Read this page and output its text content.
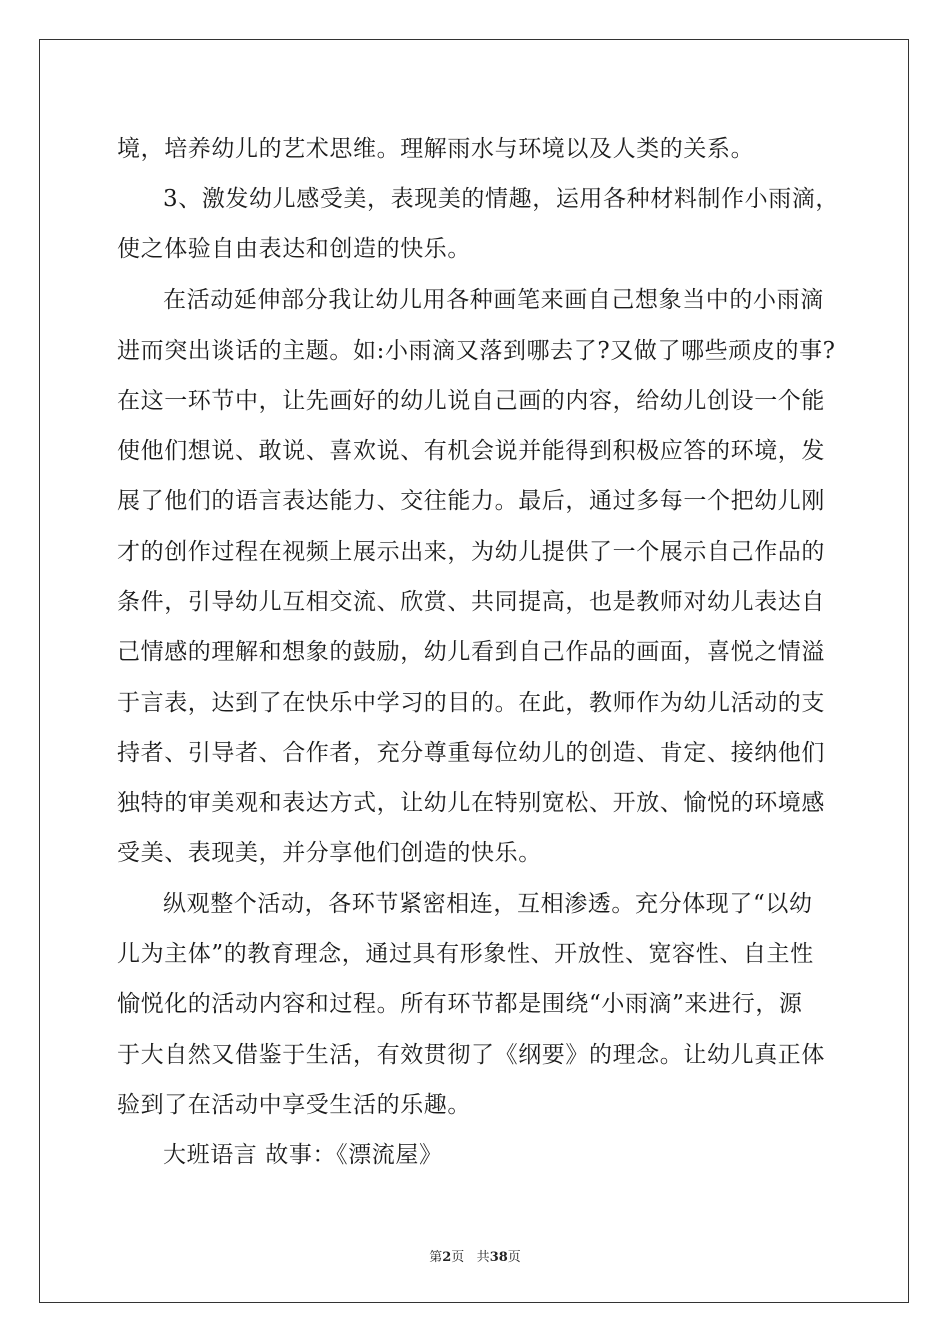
境，培养幼儿的艺术思维。理解雨水与环境以及人类的关系。
3、激发幼儿感受美，表现美的情趣，运用各种材料制作小雨滴，
使之体验自由表达和创造的快乐。
在活动延伸部分我让幼儿用各种画笔来画自己想象当中的小雨滴
进而突出谈话的主题。如:小雨滴又落到哪去了?又做了哪些顽皮的事?
在这一环节中，让先画好的幼儿说自己画的内容，给幼儿创设一个能
使他们想说、敢说、喜欢说、有机会说并能得到积极应答的环境，发
展了他们的语言表达能力、交往能力。最后，通过多每一个把幼儿刚
才的创作过程在视频上展示出来，为幼儿提供了一个展示自己作品的
条件，引导幼儿互相交流、欣赏、共同提高，也是教师对幼儿表达自
己情感的理解和想象的鼓励，幼儿看到自己作品的画面，喜悦之情溢
于言表，达到了在快乐中学习的目的。在此，教师作为幼儿活动的支
持者、引导者、合作者，充分尊重每位幼儿的创造、肯定、接纳他们
独特的审美观和表达方式，让幼儿在特别宽松、开放、愉悦的环境感
受美、表现美，并分享他们创造的快乐。
纵观整个活动，各环节紧密相连，互相渗透。充分体现了“以幼
儿为主体”的教育理念，通过具有形象性、开放性、宽容性、自主性
愉悦化的活动内容和过程。所有环节都是围绕“小雨滴”来进行，源
于大自然又借鉴于生活，有效贯彻了《纲要》的理念。让幼儿真正体
验到了在活动中享受生活的乐趣。
大班语言 故事：《漂流屋》
第2页 共38页
